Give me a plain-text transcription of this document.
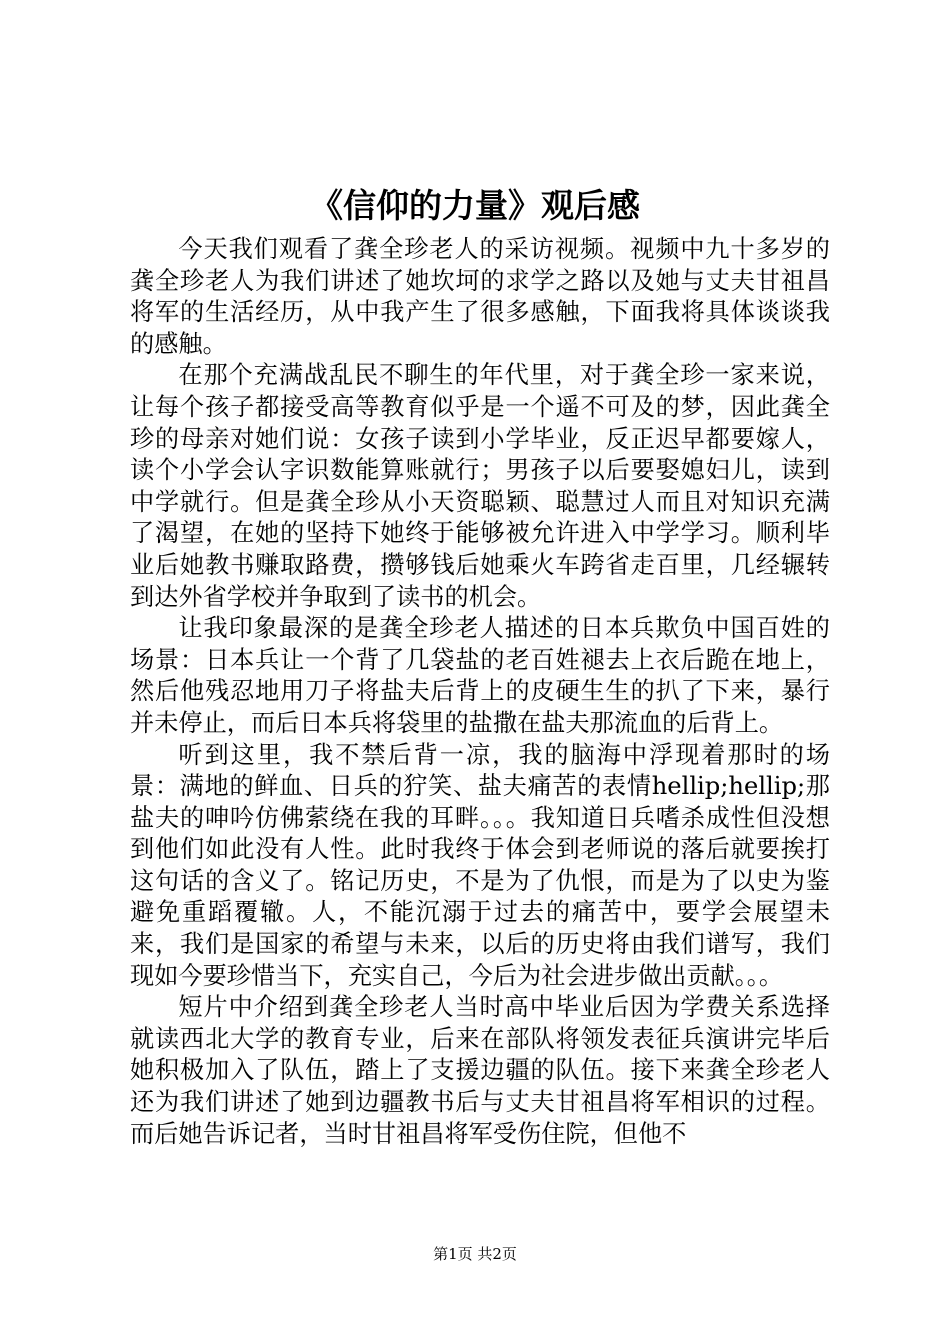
《信仰的力量》观后感

今天我们观看了龚全珍老人的采访视频。视频中九十多岁的龚全珍老人为我们讲述了她坎坷的求学之路以及她与丈夫甘祖昌将军的生活经历，从中我产生了很多感触，下面我将具体谈谈我的感触。

在那个充满战乱民不聊生的年代里，对于龚全珍一家来说，让每个孩子都接受高等教育似乎是一个遥不可及的梦，因此龚全珍的母亲对她们说：女孩子读到小学毕业，反正迟早都要嫁人，读个小学会认字识数能算账就行；男孩子以后要娶媳妇儿，读到中学就行。但是龚全珍从小天资聪颖、聪慧过人而且对知识充满了渴望，在她的坚持下她终于能够被允许进入中学学习。顺利毕业后她教书赚取路费，攒够钱后她乘火车跨省走百里，几经辗转到达外省学校并争取到了读书的机会。

让我印象最深的是龚全珍老人描述的日本兵欺负中国百姓的场景：日本兵让一个背了几袋盐的老百姓褪去上衣后跪在地上，然后他残忍地用刀子将盐夫后背上的皮硬生生的扒了下来，暴行并未停止，而后日本兵将袋里的盐撒在盐夫那流血的后背上。

听到这里，我不禁后背一凉，我的脑海中浮现着那时的场景：满地的鲜血、日兵的狞笑、盐夫痛苦的表情hellip;hellip;那盐夫的呻吟仿佛萦绕在我的耳畔。。。我知道日兵嗜杀成性但没想到他们如此没有人性。此时我终于体会到老师说的落后就要挨打这句话的含义了。铭记历史，不是为了仇恨，而是为了以史为鉴避免重蹈覆辙。人，不能沉溺于过去的痛苦中，要学会展望未来，我们是国家的希望与未来，以后的历史将由我们谱写，我们现如今要珍惜当下，充实自己，今后为社会进步做出贡献。。。

短片中介绍到龚全珍老人当时高中毕业后因为学费关系选择就读西北大学的教育专业，后来在部队将领发表征兵演讲完毕后她积极加入了队伍，踏上了支援边疆的队伍。接下来龚全珍老人还为我们讲述了她到边疆教书后与丈夫甘祖昌将军相识的过程。而后她告诉记者，当时甘祖昌将军受伤住院，但他不

第1页 共2页
